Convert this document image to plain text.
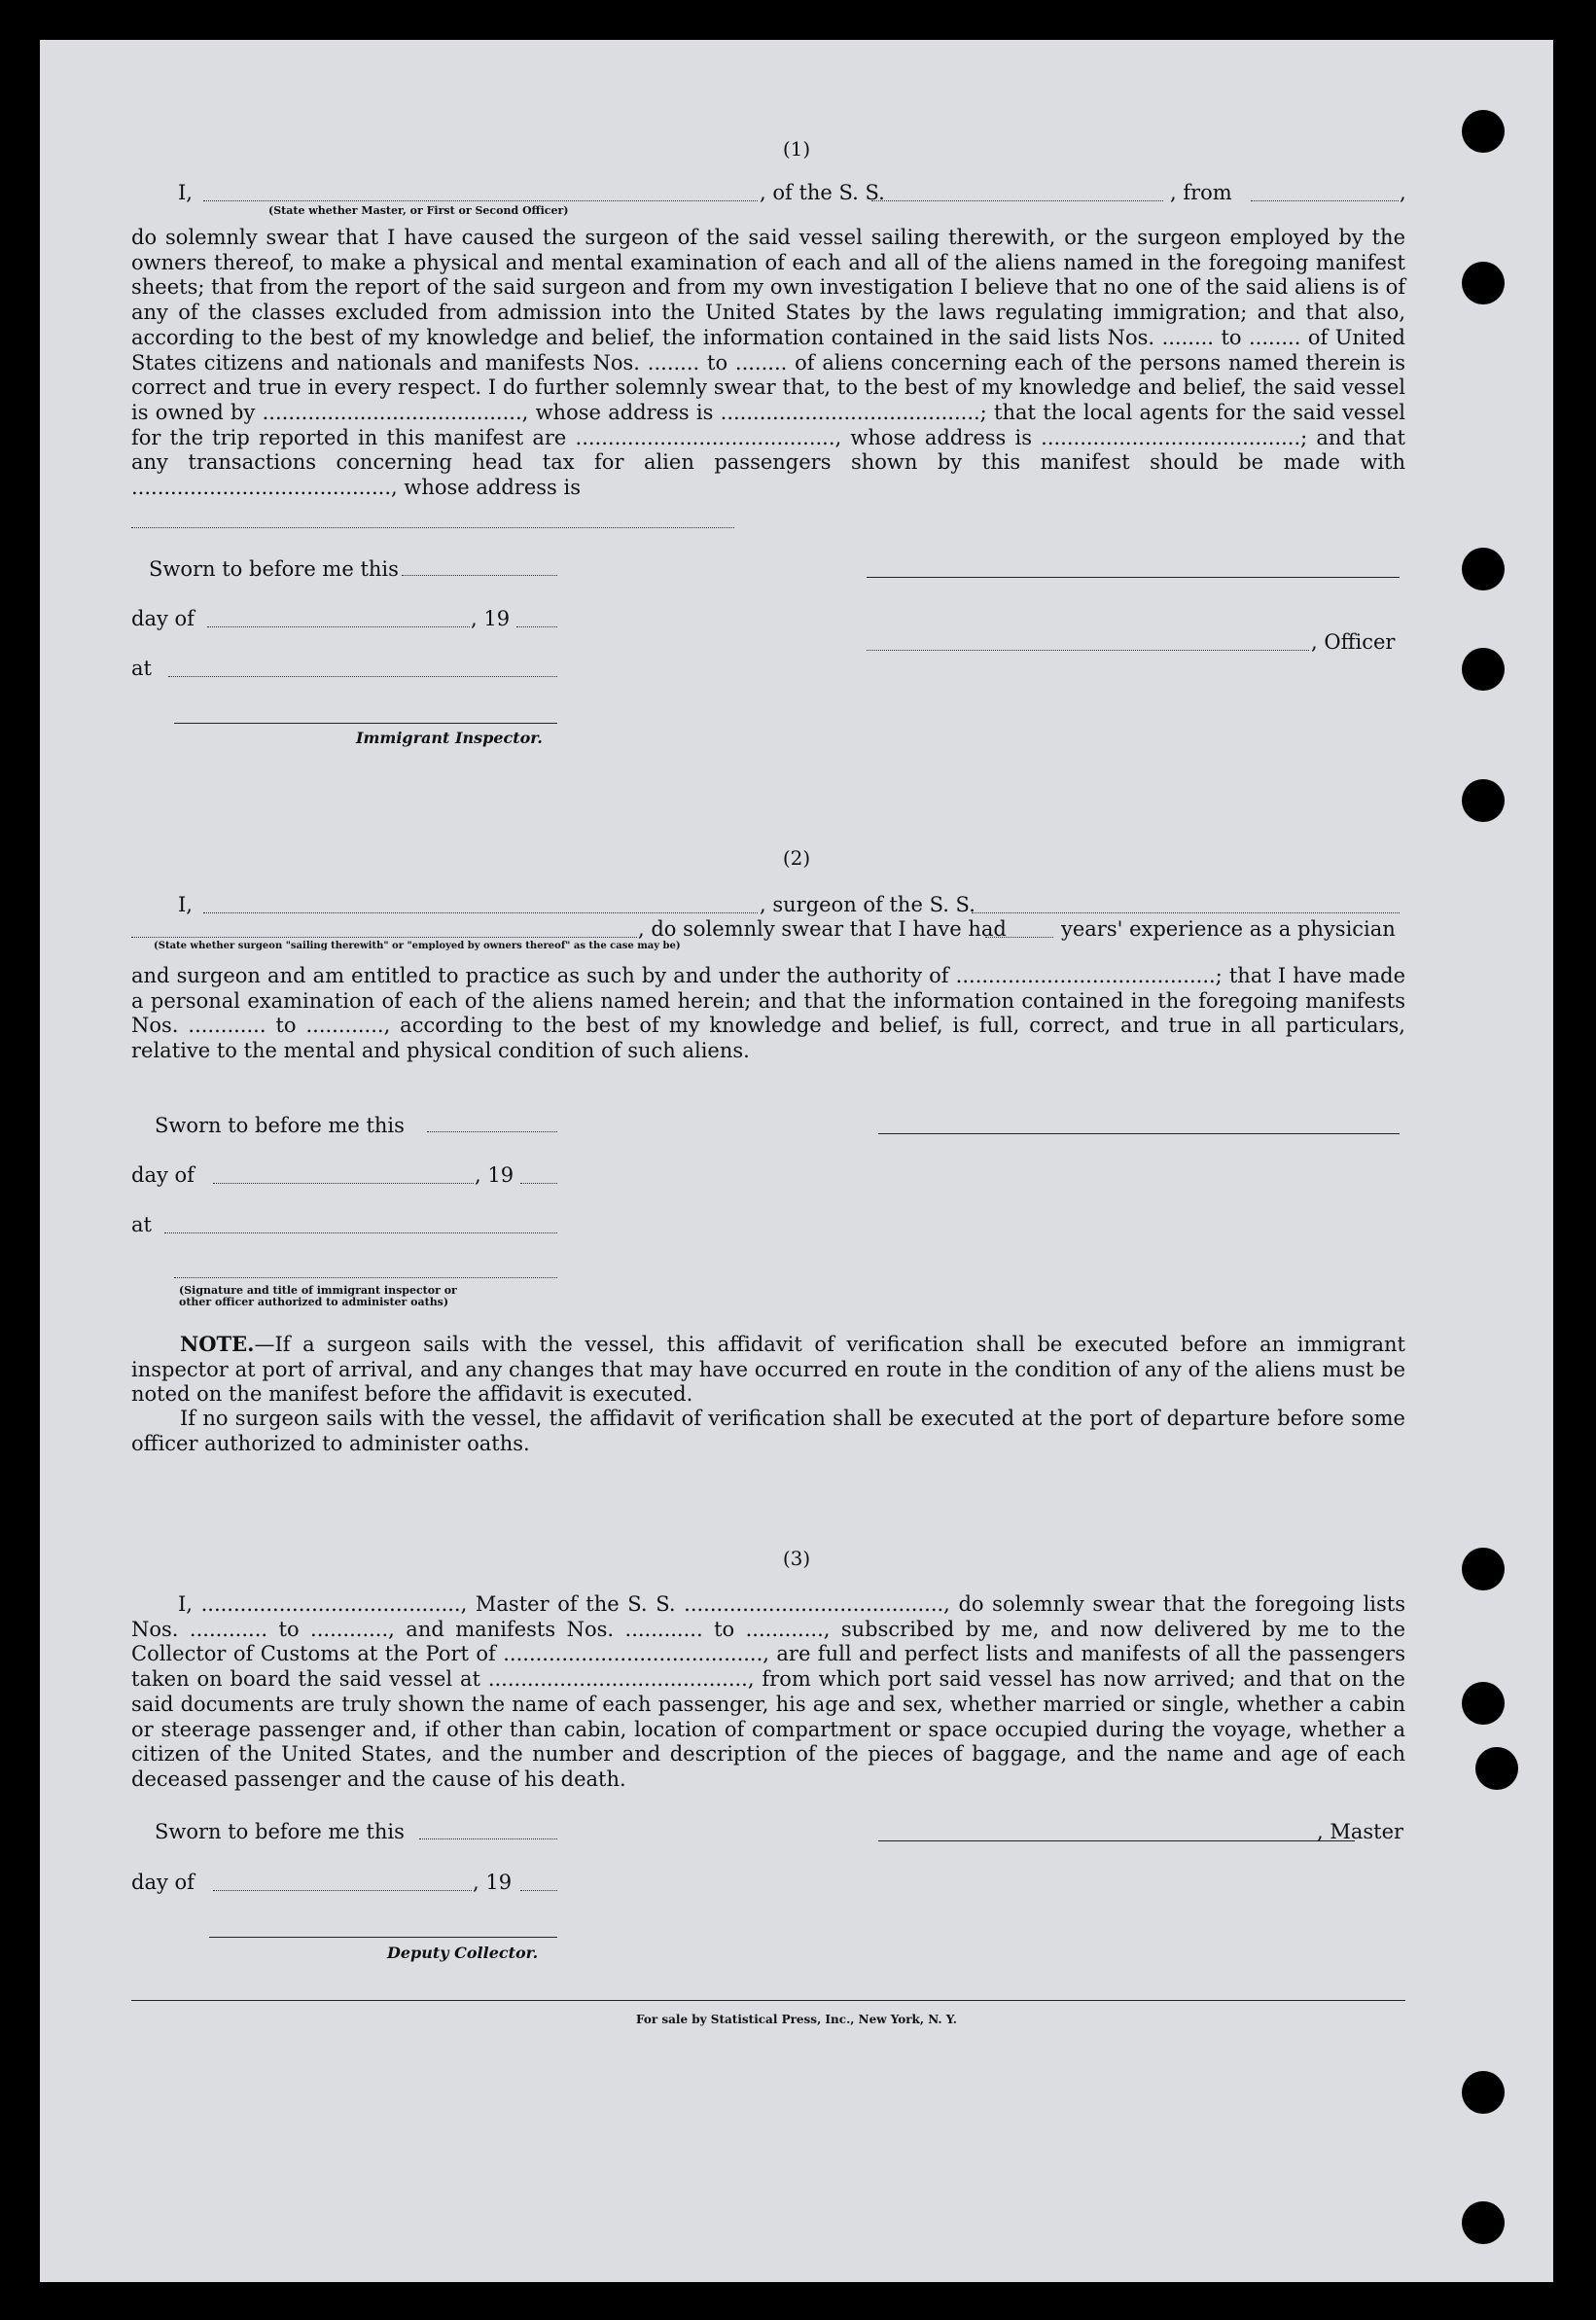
(1)
I,	, of the S. S.	, from	,
(State whether Master, or First or Second Officer)
do solemnly swear that I have caused the surgeon of the said vessel sailing therewith, or the surgeon employed by the owners thereof, to make a physical and mental examination of each and all of the aliens named in the foregoing manifest sheets; that from the report of the said surgeon and from my own investigation I believe that no one of the said aliens is of any of the classes excluded from admission into the United States by the laws regulating immigration; and that also, according to the best of my knowledge and belief, the information contained in the said lists Nos. ........ to ........ of United States citizens and nationals and manifests Nos. ........ to ........ of aliens concerning each of the persons named therein is correct and true in every respect. I do further solemnly swear that, to the best of my knowledge and belief, the said vessel is owned by ........................................, whose address is ........................................; that the local agents for the said vessel for the trip reported in this manifest are ........................................, whose address is ........................................; and that any transactions concerning head tax for alien passengers shown by this manifest should be made with ........................................, whose address is
Sworn to before me this
day of	, 19
, Officer
at
Immigrant Inspector.
(2)
I,	, surgeon of the S. S.
, do solemnly swear that I have had	years' experience as a physician
(State whether surgeon "sailing therewith" or "employed by owners thereof" as the case may be)
and surgeon and am entitled to practice as such by and under the authority of ........................................; that I have made a personal examination of each of the aliens named herein; and that the information contained in the foregoing manifests Nos. ............ to ............, according to the best of my knowledge and belief, is full, correct, and true in all particulars, relative to the mental and physical condition of such aliens.
Sworn to before me this
day of	, 19
at
(Signature and title of immigrant inspector or
other officer authorized to administer oaths)
NOTE.—If a surgeon sails with the vessel, this affidavit of verification shall be executed before an immigrant inspector at port of arrival, and any changes that may have occurred en route in the condition of any of the aliens must be noted on the manifest before the affidavit is executed.
If no surgeon sails with the vessel, the affidavit of verification shall be executed at the port of departure before some officer authorized to administer oaths.
(3)
I, ........................................, Master of the S. S. ........................................, do solemnly swear that the foregoing lists Nos. ............ to ............, and manifests Nos. ............ to ............, subscribed by me, and now delivered by me to the Collector of Customs at the Port of ........................................, are full and perfect lists and manifests of all the passengers taken on board the said vessel at ........................................, from which port said vessel has now arrived; and that on the said documents are truly shown the name of each passenger, his age and sex, whether married or single, whether a cabin or steerage passenger and, if other than cabin, location of compartment or space occupied during the voyage, whether a citizen of the United States, and the number and description of the pieces of baggage, and the name and age of each deceased passenger and the cause of his death.
Sworn to before me this	, Master
day of	, 19
Deputy Collector.
For sale by Statistical Press, Inc., New York, N. Y.
